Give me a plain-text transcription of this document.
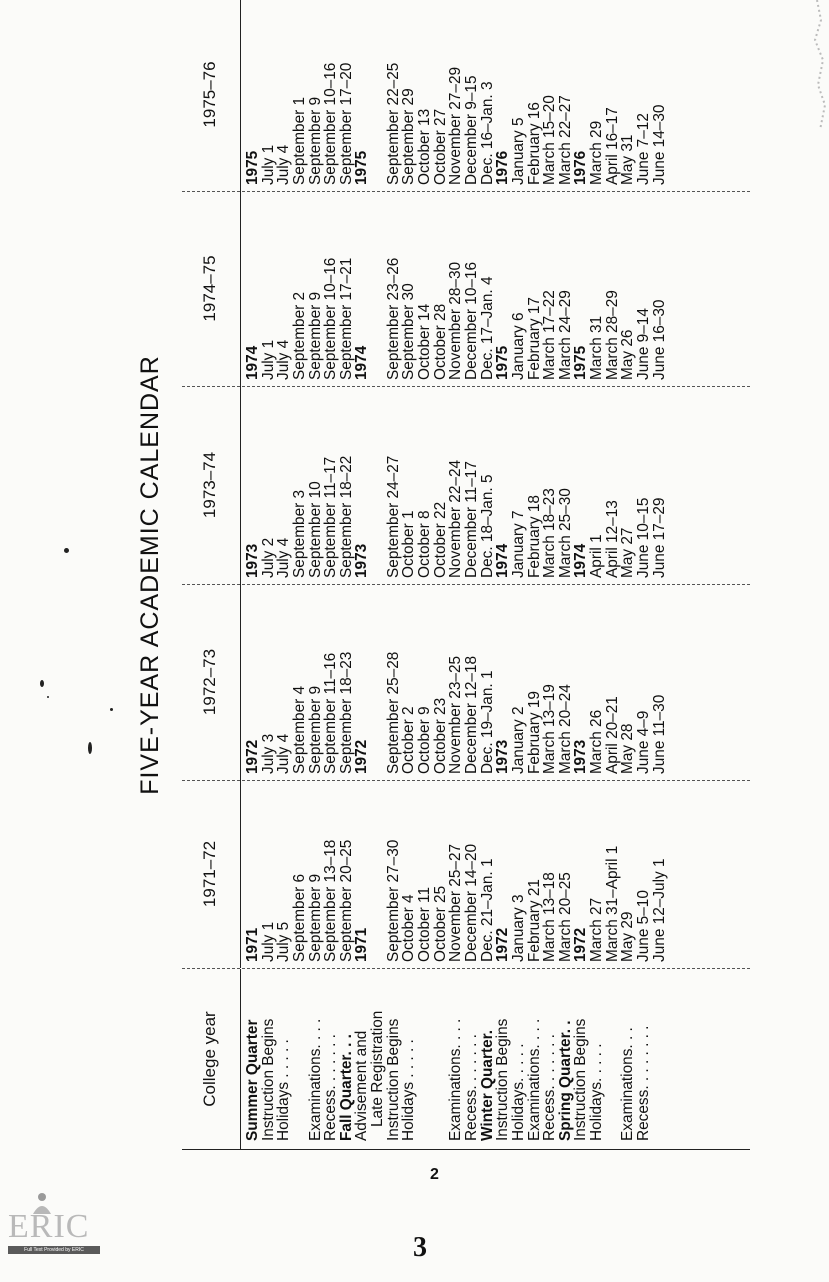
FIVE-YEAR ACADEMIC CALENDAR
College year	Summer Quarter
Instruction Begins
Holidays . . . . . Examinations. . . .
Recess. . . . . . .
Fall Quarter. . .
Advisement and
Late Registration
Instruction Begins
Holidays . . . . . Examinations. . . .
Recess. . . . . . .
Winter Quarter.
Instruction Begins
Holidays. . . . .
Examinations. . . .
Recess. . . . . . .
Spring Quarter. .
Instruction Begins
Holidays. . . . . Examinations. . .
Recess. . . . . . . .
1971–72
1971
July 1
July 5
September 6
September 9
September 13–18
September 20–25
1971 September 27–30
October 4
October 11
October 25
November 25–27
December 14–20
Dec. 21–Jan. 1
1972
January 3
February 21
March 13–18
March 20–25
1972
March 27
March 31–April 1
May 29
June 5–10
June 12–July 1
1972–73
1972
July 3
July 4
September 4
September 9
September 11–16
September 18–23
1972 September 25–28
October 2
October 9
October 23
November 23–25
December 12–18
Dec. 19–Jan. 1
1973
January 2
February 19
March 13–19
March 20–24
1973
March 26
April 20–21
May 28
June 4–9
June 11–30
1973–74
1973
July 2
July 4
September 3
September 10
September 11–17
September 18–22
1973 September 24–27
October 1
October 8
October 22
November 22–24
December 11–17
Dec. 18–Jan. 5
1974
January 7
February 18
March 18–23
March 25–30
1974
April 1
April 12–13
May 27
June 10–15
June 17–29
1974–75
1974
July 1
July 4
September 2
September 9
September 10–16
September 17–21
1974 September 23–26
September 30
October 14
October 28
November 28–30
December 10–16
Dec. 17–Jan. 4
1975
January 6
February 17
March 17–22
March 24–29
1975
March 31
March 28–29
May 26
June 9–14
June 16–30
1975–76
1975
July 1
July 4
September 1
September 9
September 10–16
September 17–20
1975 September 22–25
September 29
October 13
October 27
November 27–29
December 9–15
Dec. 16–Jan. 3
1976
January 5
February 16
March 15–20
March 22–27
1976
March 29
April 16–17
May 31
June 7–12
June 14–30
2
3
ERIC
Full Text Provided by ERIC
